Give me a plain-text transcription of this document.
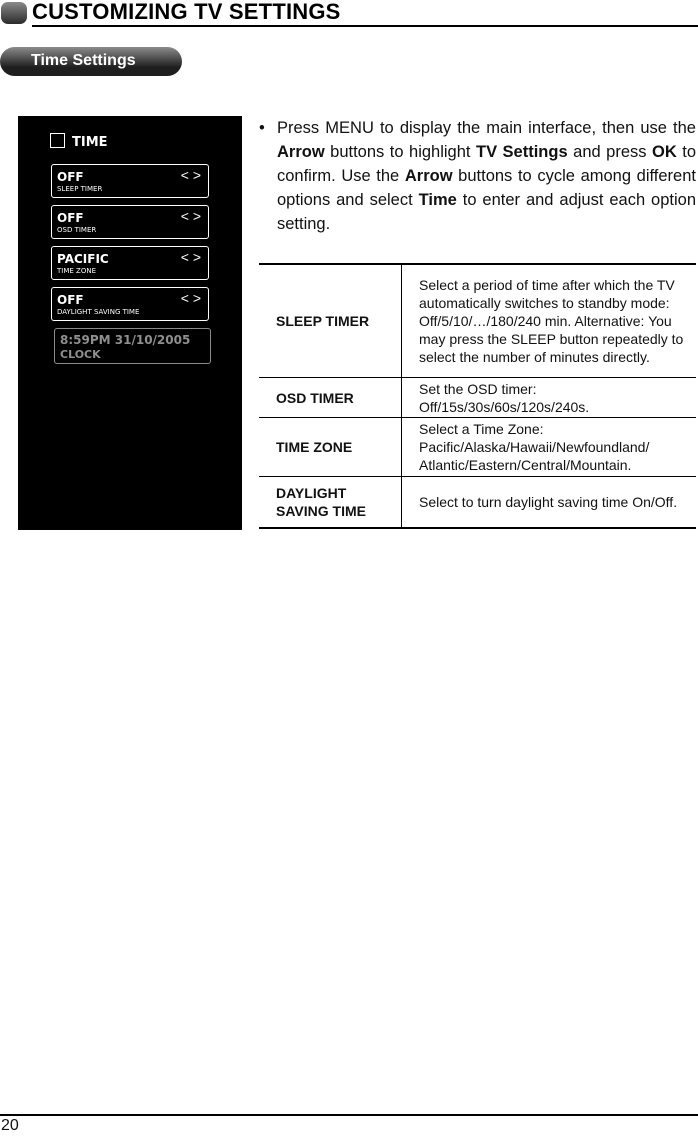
CUSTOMIZING TV SETTINGS
Time Settings
TIME
OFF
SLEEP TIMER
< >
OFF
OSD TIMER
< >
PACIFIC
TIME ZONE
< >
OFF
DAYLIGHT SAVING TIME
< >
8:59PM 31/10/2005
CLOCK
• Press MENU to display the main interface, then use the Arrow buttons to highlight TV Settings and press OK to confirm. Use the Arrow buttons to cycle among different options and select Time to enter and adjust each option setting.
SLEEP TIMER	Select a period of time after which the TV automatically switches to standby mode: Off/5/10/…/180/240 min. Alternative: You may press the SLEEP button repeatedly to select the number of minutes directly.
OSD TIMER	Set the OSD timer: Off/15s/30s/60s/120s/240s.
TIME ZONE	Select a Time Zone: Pacific/Alaska/Hawaii/Newfoundland/ Atlantic/Eastern/Central/Mountain.
DAYLIGHT SAVING TIME	Select to turn daylight saving time On/Off.
20
